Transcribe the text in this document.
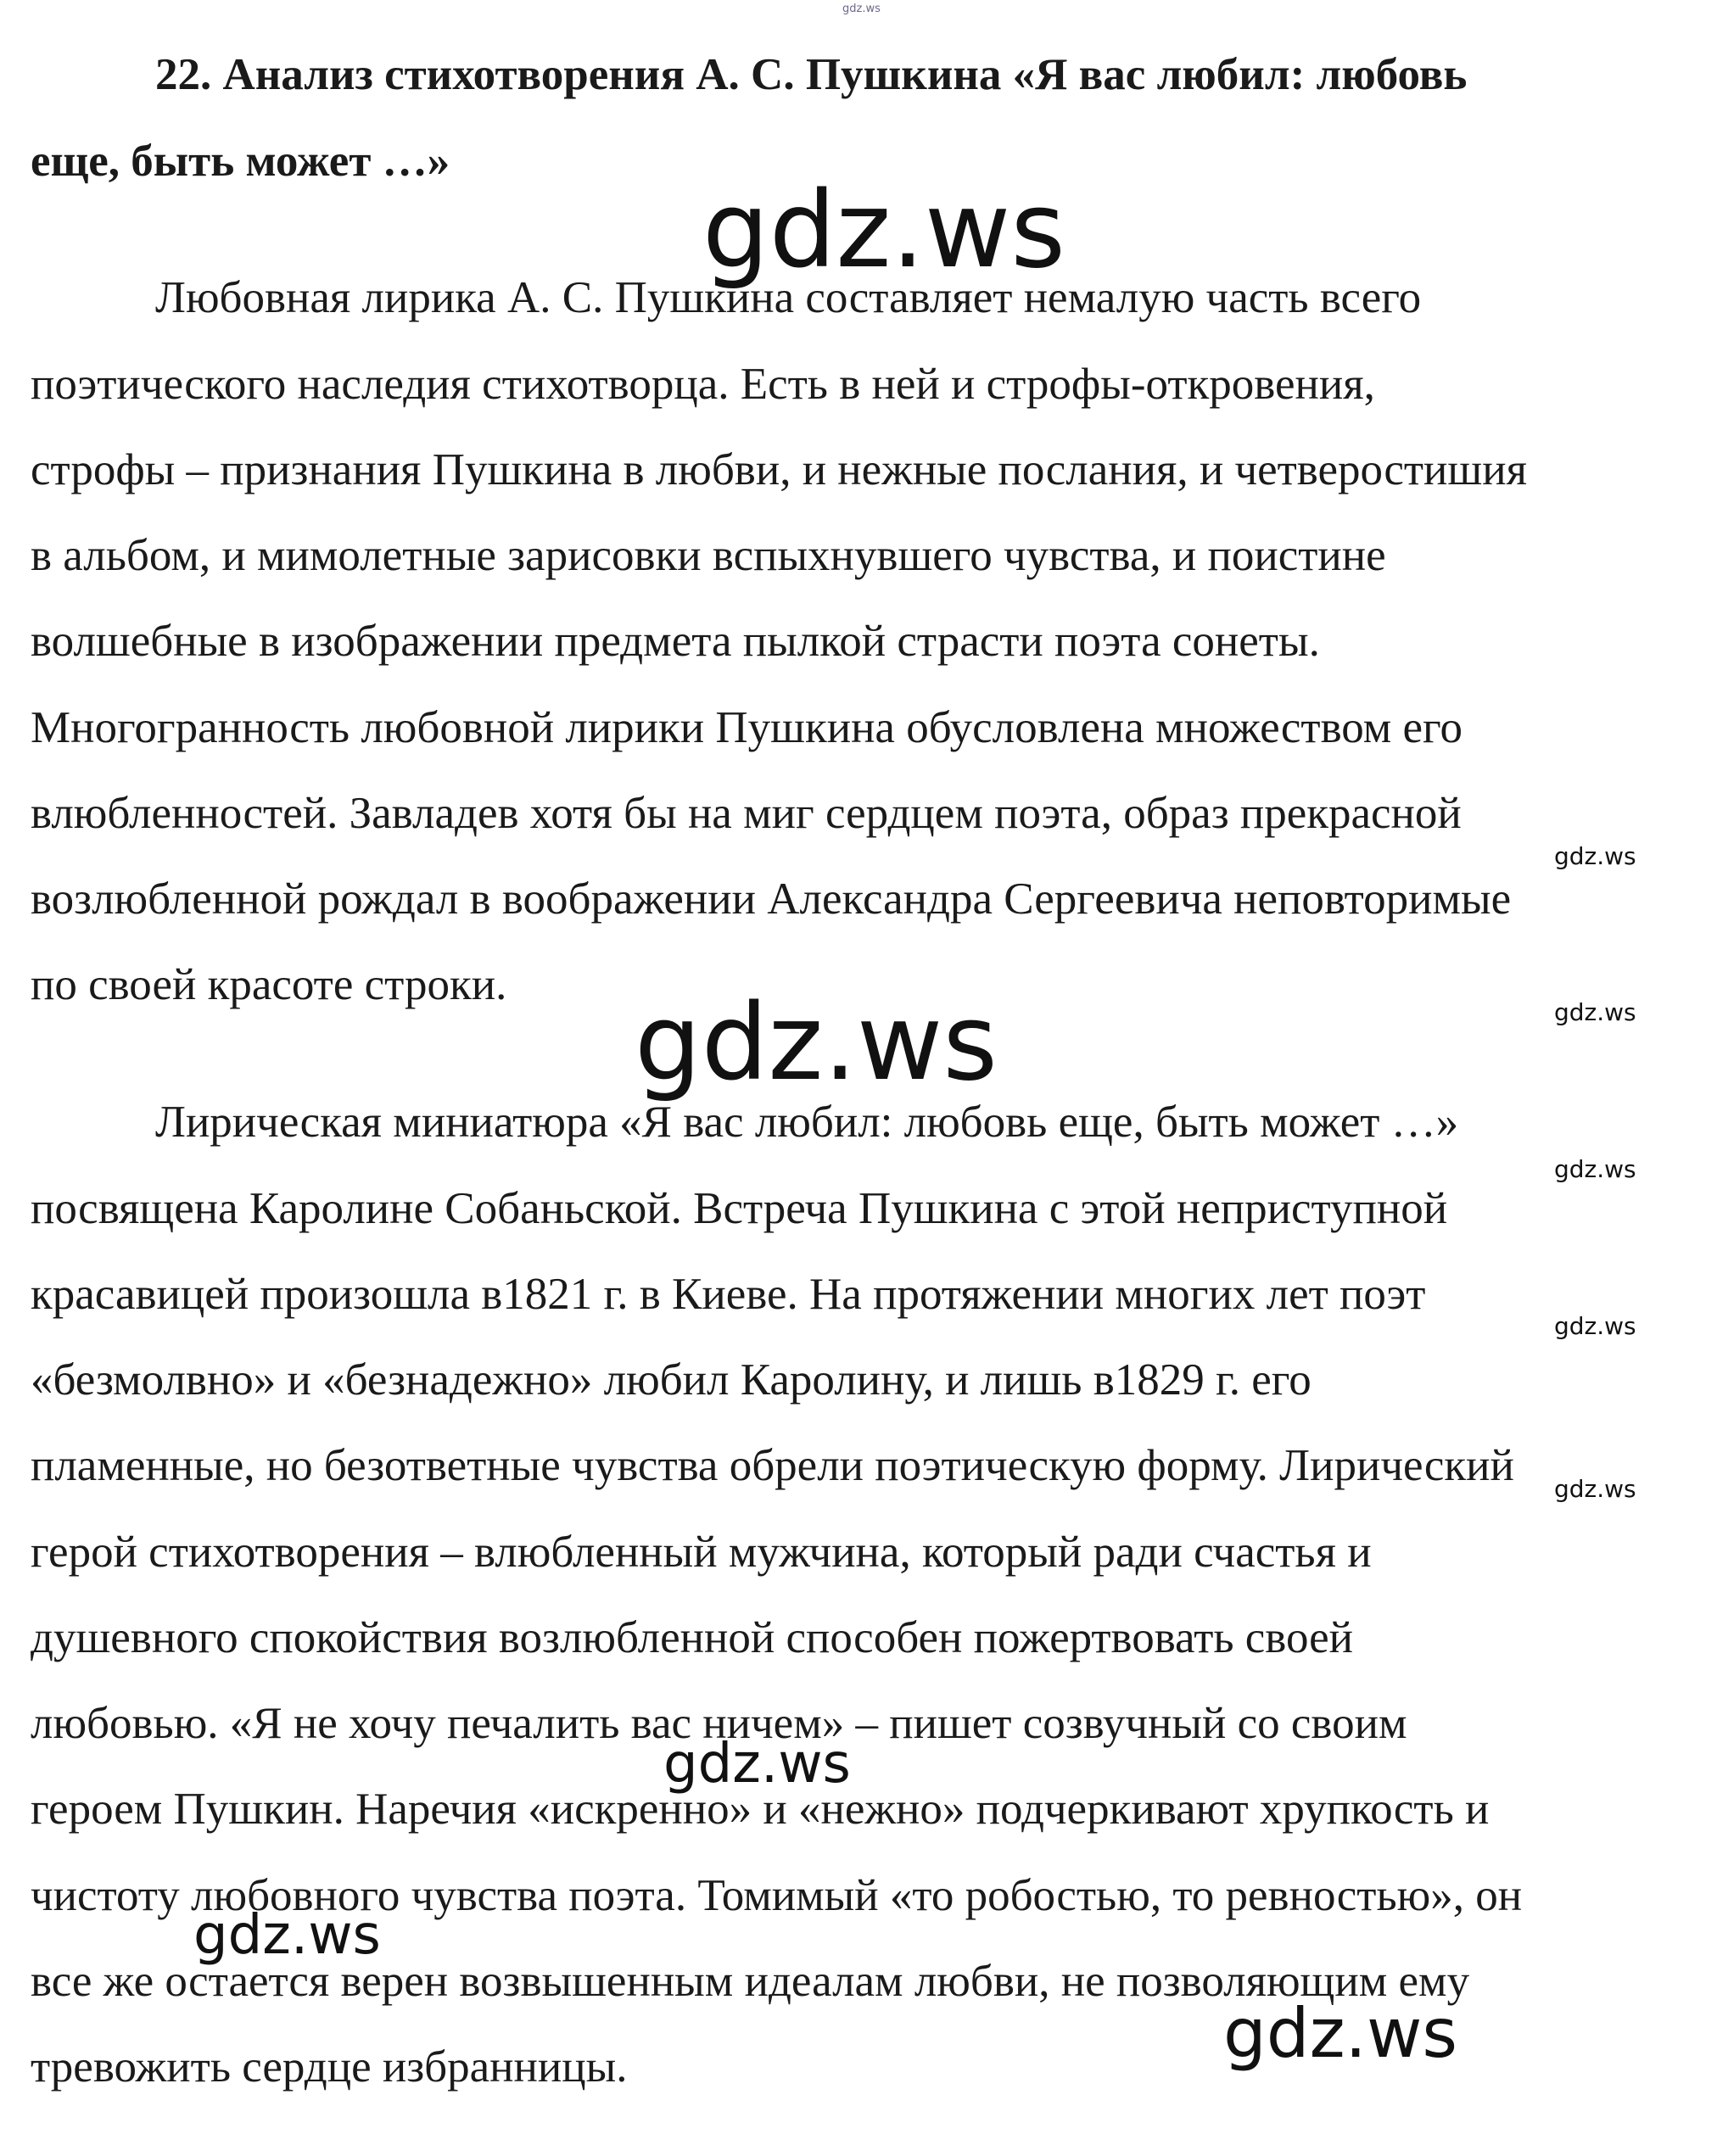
gdz.ws
22. Анализ стихотворения А. С. Пушкина «Я вас любил: любовь
еще, быть может …»
gdz.ws
Любовная лирика А. С. Пушкина составляет немалую часть всего
поэтического наследия стихотворца. Есть в ней и строфы-откровения,
строфы – признания Пушкина в любви, и нежные послания, и четверостишия
в альбом, и мимолетные зарисовки вспыхнувшего чувства, и поистине
волшебные в изображении предмета пылкой страсти поэта сонеты.
Многогранность любовной лирики Пушкина обусловлена множеством его
влюбленностей. Завладев хотя бы на миг сердцем поэта, образ прекрасной
возлюбленной рождал в воображении Александра Сергеевича неповторимые
по своей красоте строки.
gdz.ws
gdz.ws
gdz.ws
Лирическая миниатюра «Я вас любил: любовь еще, быть может …»
gdz.ws
посвящена Каролине Собаньской. Встреча Пушкина с этой неприступной
красавицей произошла в1821 г. в Киеве. На протяжении многих лет поэт
gdz.ws
«безмолвно» и «безнадежно» любил Каролину, и лишь в1829 г. его
пламенные, но безответные чувства обрели поэтическую форму. Лирический gdz.ws
герой стихотворения – влюбленный мужчина, который ради счастья и
душевного спокойствия возлюбленной способен пожертвовать своей
любовью. «Я не хочу печалить вас ничем» – пишет созвучный со своим
gdz.ws
героем Пушкин. Наречия «искренно» и «нежно» подчеркивают хрупкость и
чистоту любовного чувства поэта. Томимый «то робостью, то ревностью», он
gdz.ws
все же остается верен возвышенным идеалам любви, не позволяющим ему
gdz.ws
тревожить сердце избранницы.
